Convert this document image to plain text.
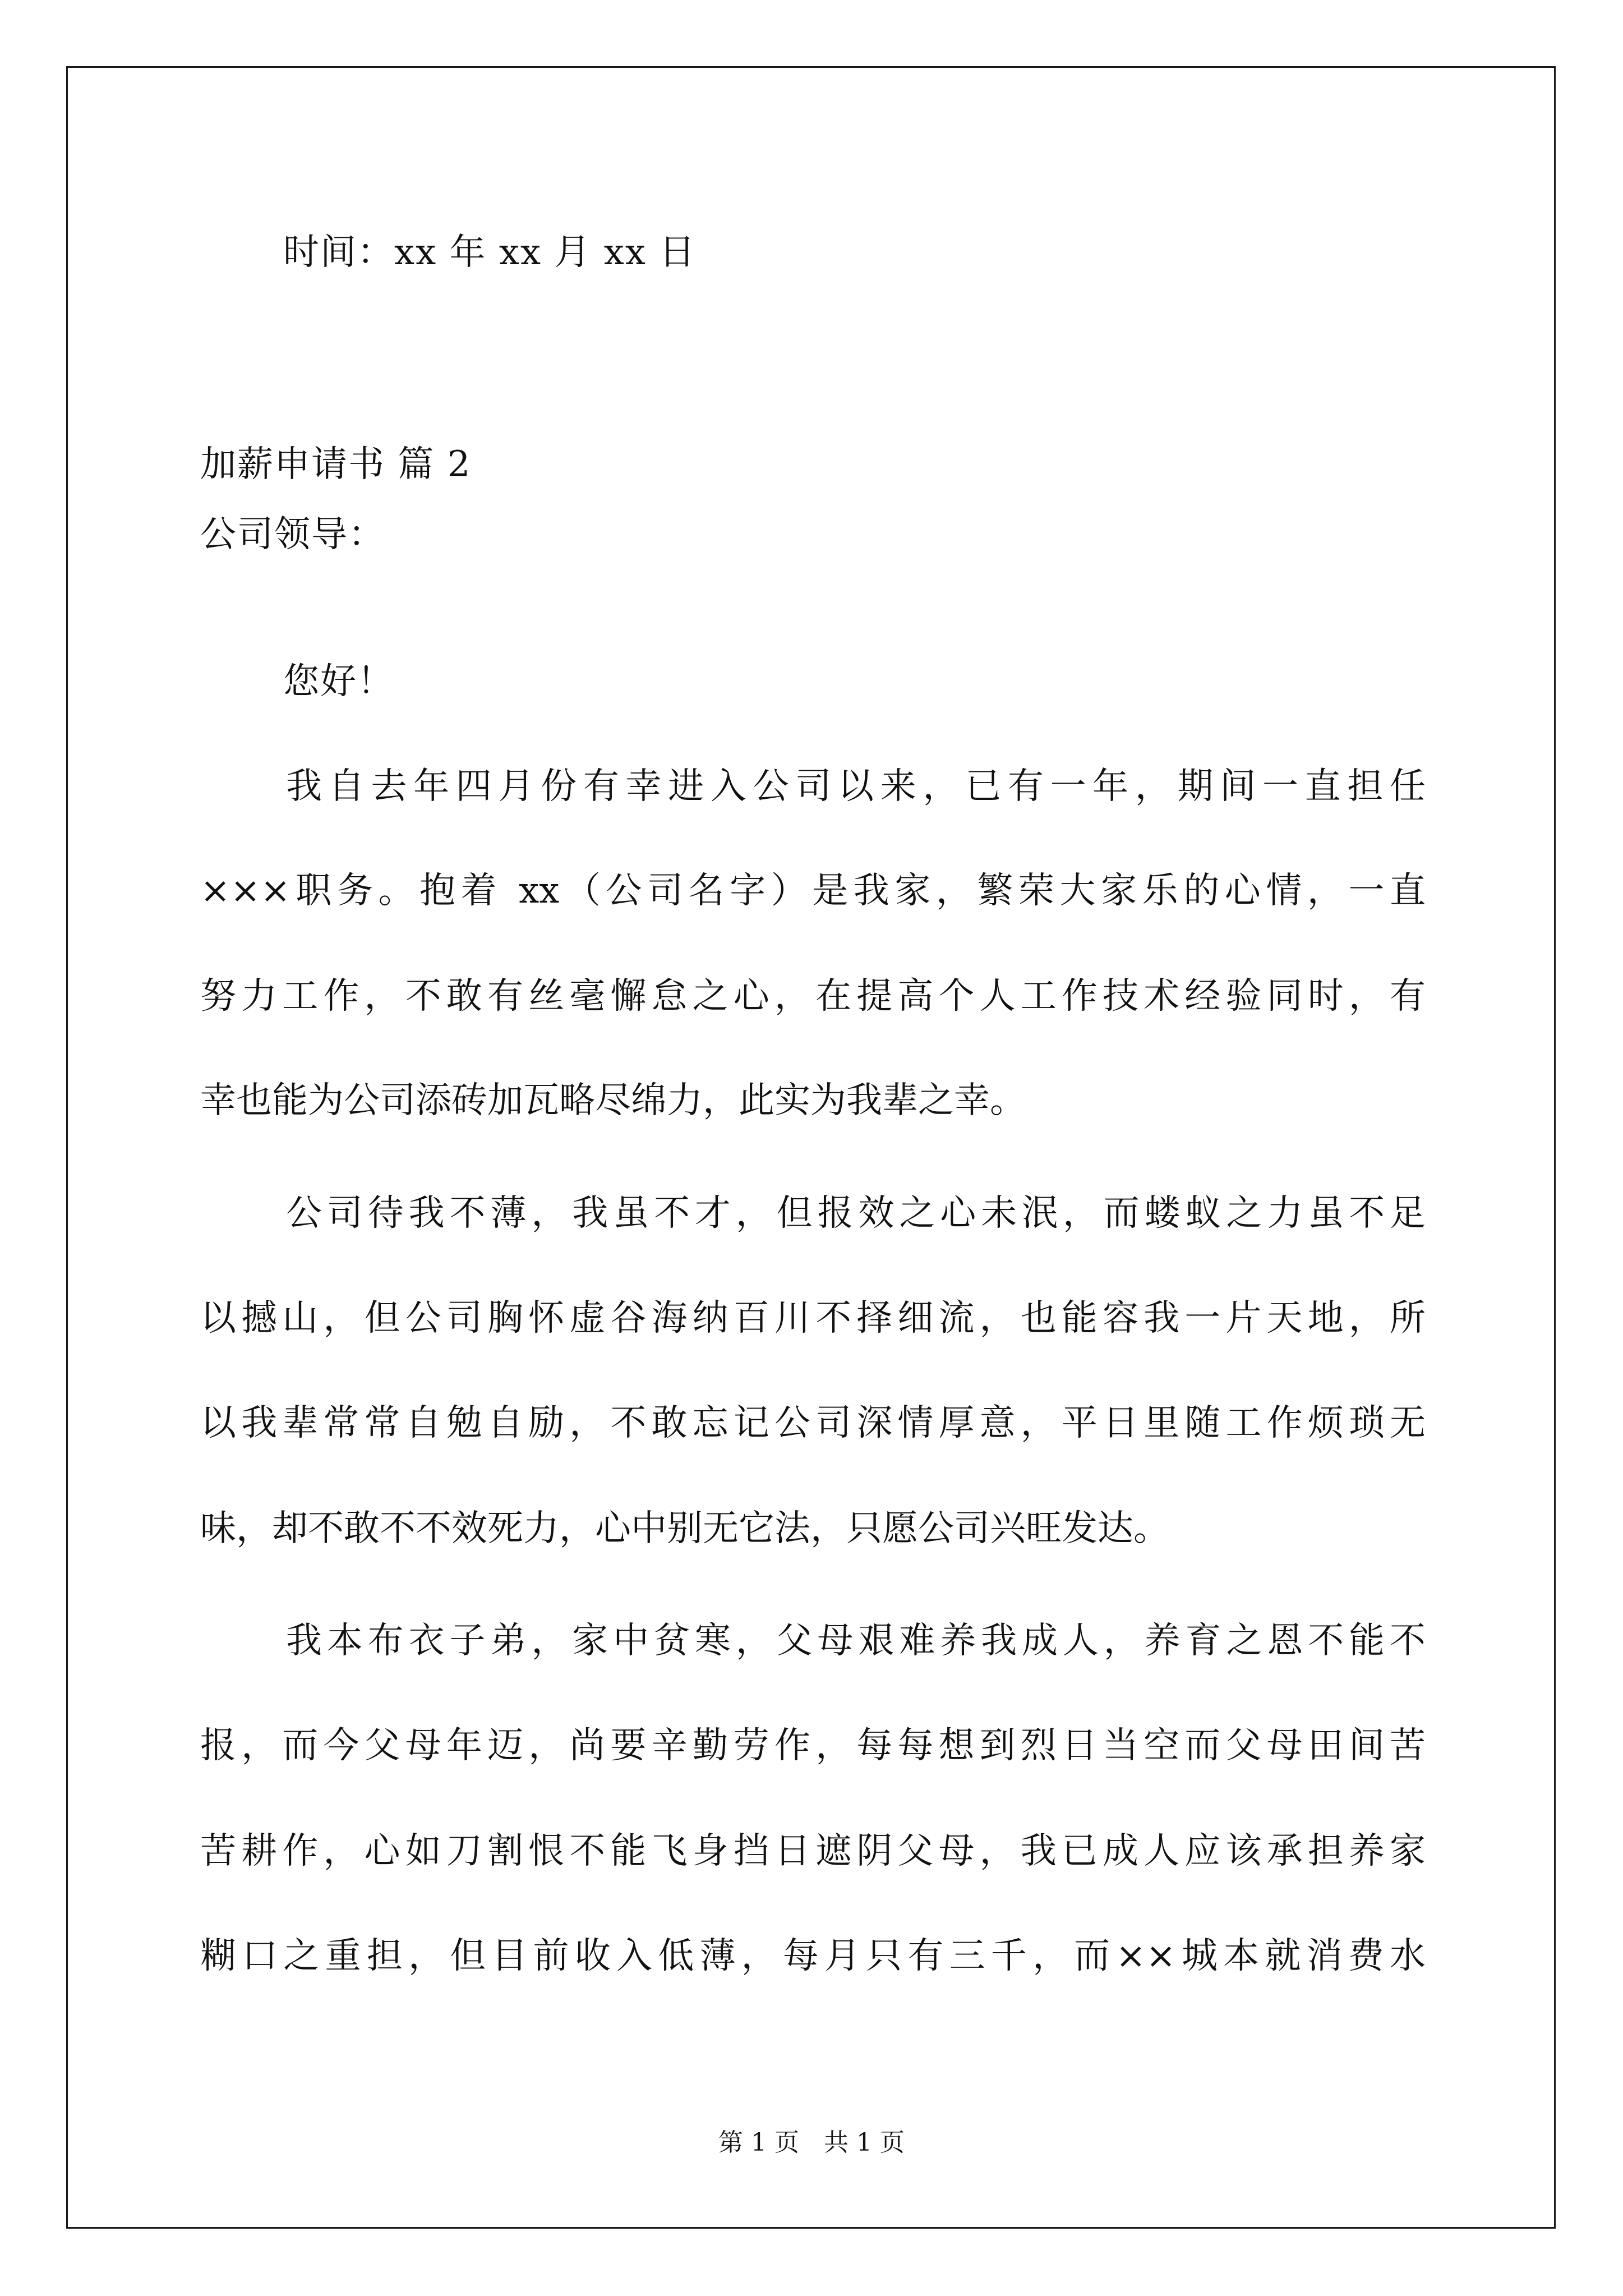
时间：xx 年 xx 月 xx 日
加薪申请书 篇 2
公司领导：
您好！
我自去年四月份有幸进入公司以来，已有一年，期间一直担任
×××职务。抱着 xx（公司名字）是我家，繁荣大家乐的心情，一直
努力工作，不敢有丝毫懈怠之心，在提高个人工作技术经验同时，有
幸也能为公司添砖加瓦略尽绵力，此实为我辈之幸。
公司待我不薄，我虽不才，但报效之心未泯，而蝼蚁之力虽不足
以撼山，但公司胸怀虚谷海纳百川不择细流，也能容我一片天地，所
以我辈常常自勉自励，不敢忘记公司深情厚意，平日里随工作烦琐无
味，却不敢不不效死力，心中别无它法，只愿公司兴旺发达。
我本布衣子弟，家中贫寒，父母艰难养我成人，养育之恩不能不
报，而今父母年迈，尚要辛勤劳作，每每想到烈日当空而父母田间苦
苦耕作，心如刀割恨不能飞身挡日遮阴父母，我已成人应该承担养家
糊口之重担，但目前收入低薄，每月只有三千，而××城本就消费水
第 1 页　共 1 页
